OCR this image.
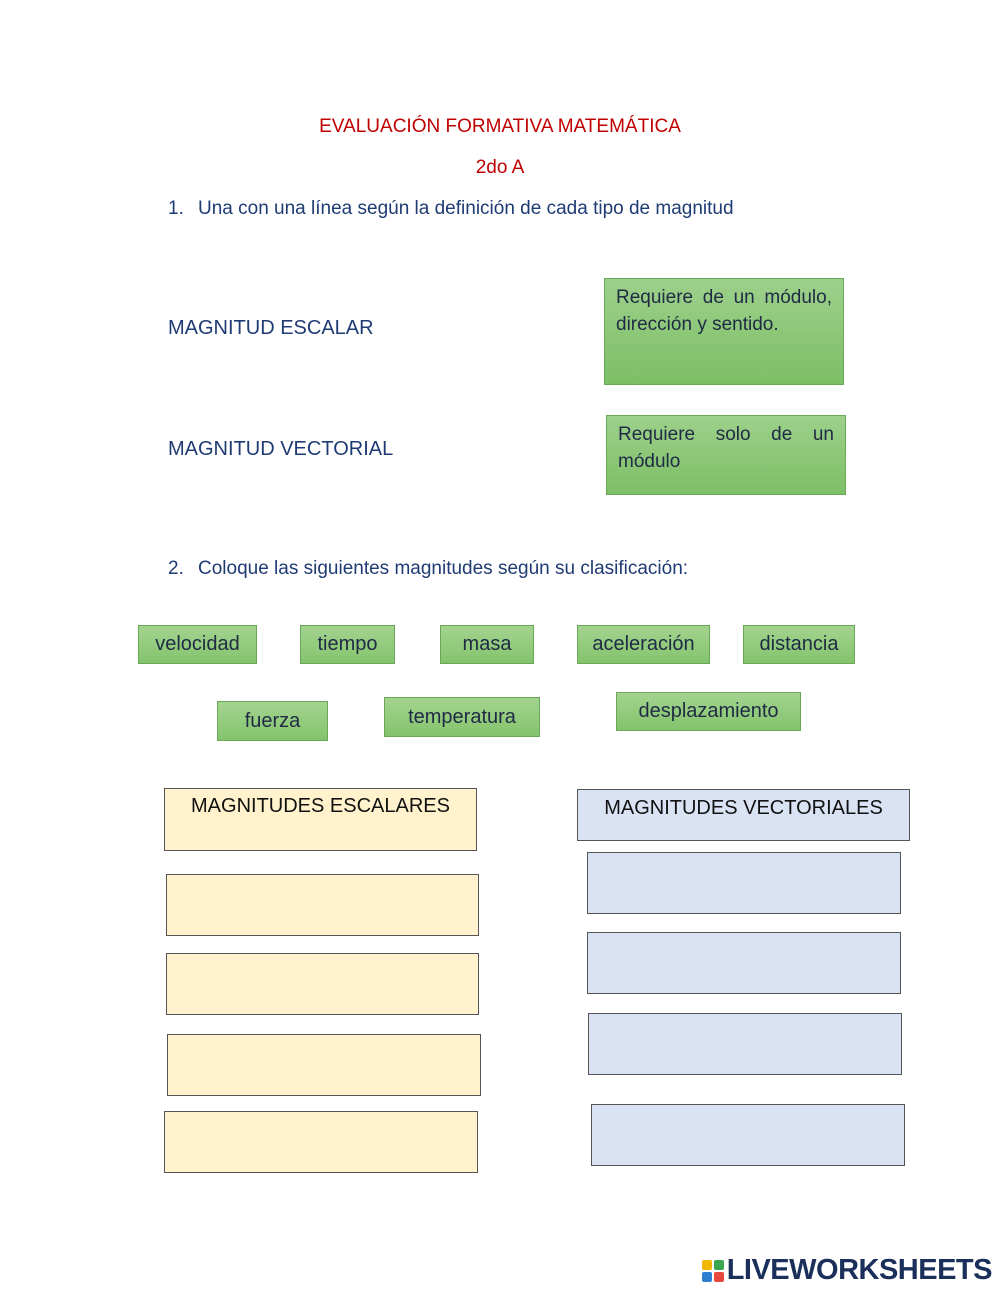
EVALUACIÓN FORMATIVA MATEMÁTICA
2do A
1. Una con una línea según la definición de cada tipo de magnitud
MAGNITUD ESCALAR
MAGNITUD VECTORIAL
Requiere de un módulo, dirección y sentido.
Requiere solo de un módulo
2. Coloque las siguientes magnitudes según su clasificación:
velocidad	tiempo	masa	aceleración	distancia
fuerza	temperatura	desplazamiento
MAGNITUDES ESCALARES	MAGNITUDES VECTORIALES
LIVEWORKSHEETS
